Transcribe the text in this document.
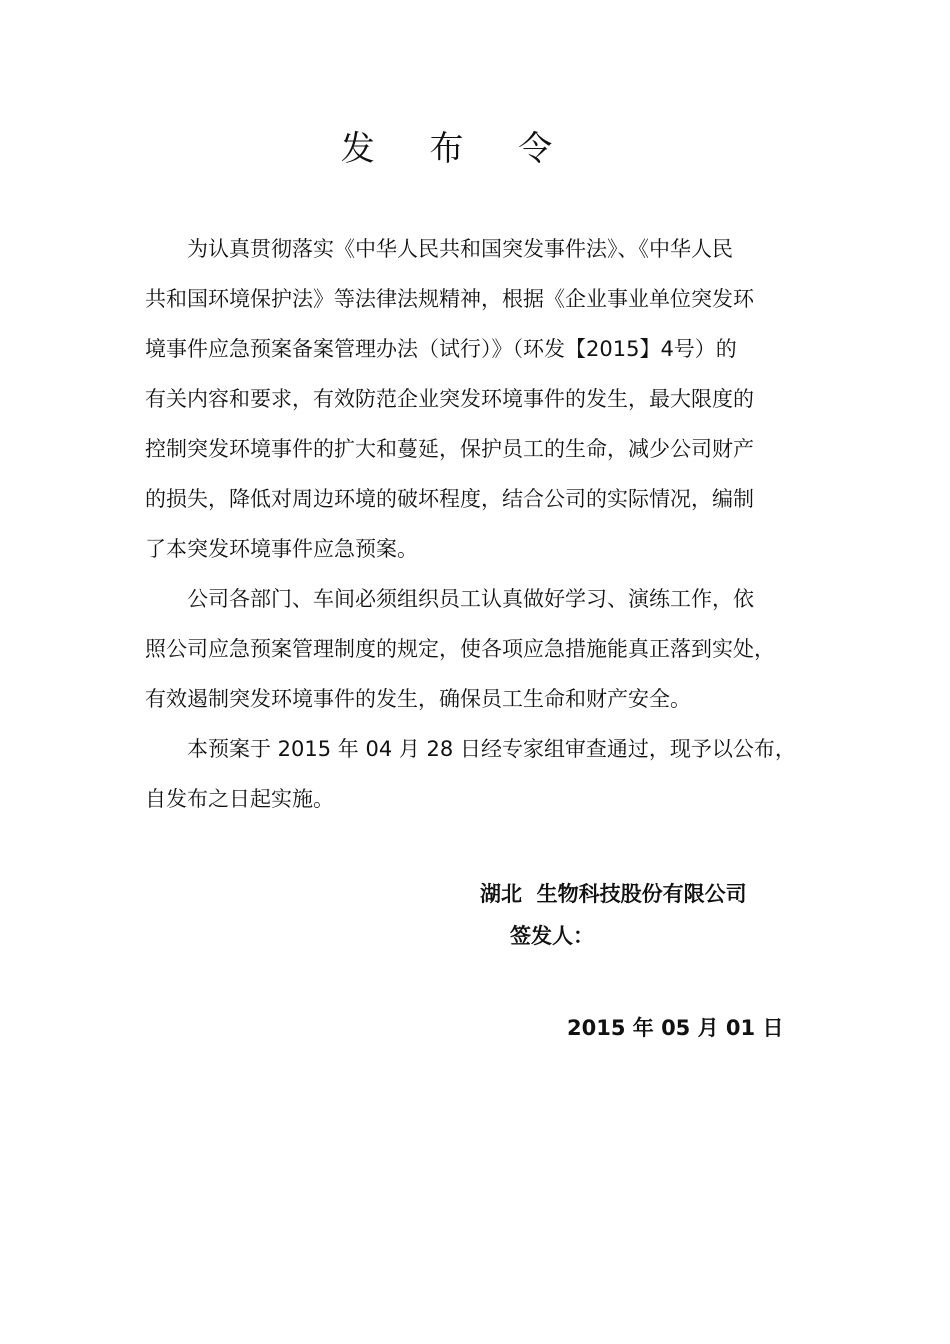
发 布 令
为认真贯彻落实《中华人民共和国突发事件法》、《中华人民
共和国环境保护法》等法律法规精神，根据《企业事业单位突发环
境事件应急预案备案管理办法（试行）》（环发【2015】4号）的
有关内容和要求，有效防范企业突发环境事件的发生，最大限度的
控制突发环境事件的扩大和蔓延，保护员工的生命，减少公司财产
的损失，降低对周边环境的破坏程度，结合公司的实际情况，编制
了本突发环境事件应急预案。
公司各部门、车间必须组织员工认真做好学习、演练工作，依
照公司应急预案管理制度的规定，使各项应急措施能真正落到实处，
有效遏制突发环境事件的发生，确保员工生命和财产安全。
本预案于 2015 年 04 月 28 日经专家组审查通过，现予以公布，
自发布之日起实施。
湖北  生物科技股份有限公司
签发人：
2015 年 05 月 01 日
